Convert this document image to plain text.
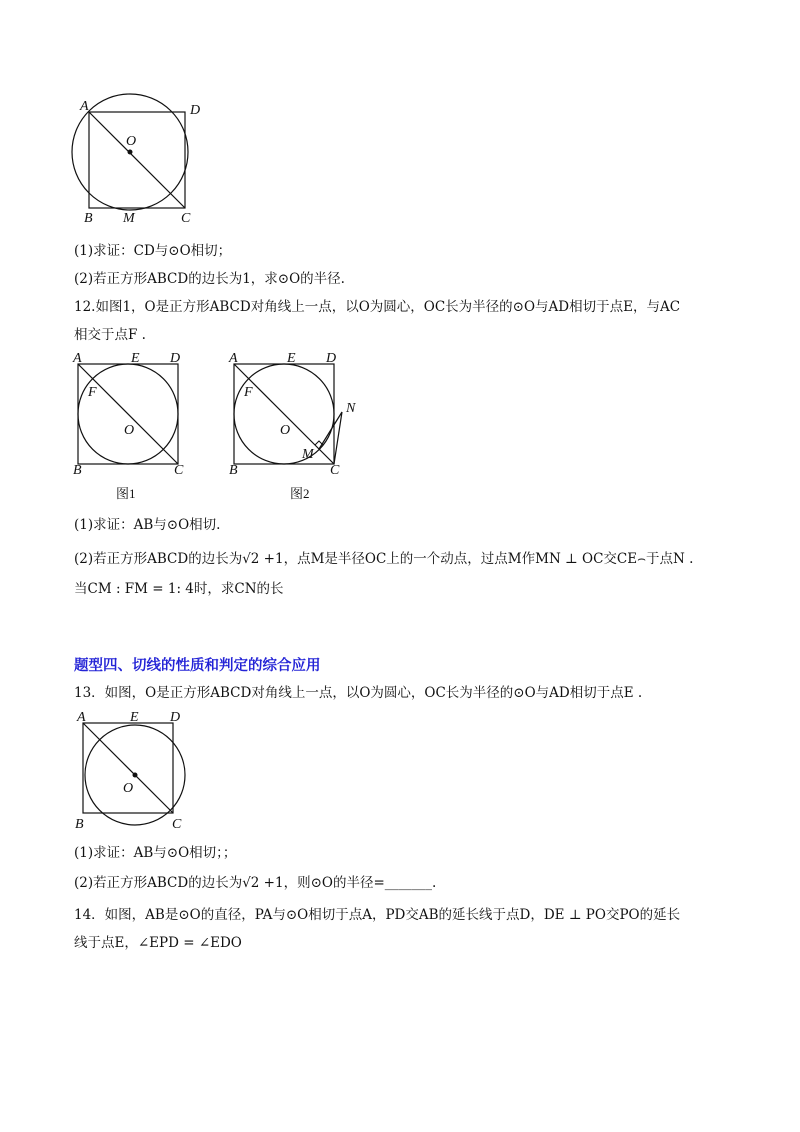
A	D
O
B M	C
(1)求证：CD与⊙O相切；
(2)若正方形ABCD的边长为1，求⊙O的半径.
12.如图1，O是正方形ABCD对角线上一点，以O为圆心，OC长为半径的⊙O与AD相切于点E，与AC
相交于点F .
A	E D
F
O
B	C
图1
A	E D
F
O
N
M
B	C
图2
(1)求证：AB与⊙O相切.
(2)若正方形ABCD的边长为√2 +1，点M是半径OC上的一个动点，过点M作MN ⊥ OC交CE⌢于点N .
当CM : FM = 1: 4时，求CN的长
题型四、切线的性质和判定的综合应用
13．如图，O是正方形ABCD对角线上一点，以O为圆心，OC长为半径的⊙O与AD相切于点E .
A	E D
O
B	C
(1)求证：AB与⊙O相切；；
(2)若正方形ABCD的边长为√2 +1，则⊙O的半径=_______.
14．如图，AB是⊙O的直径，PA与⊙O相切于点A，PD交AB的延长线于点D，DE ⊥ PO交PO的延长
线于点E，∠EPD = ∠EDO
